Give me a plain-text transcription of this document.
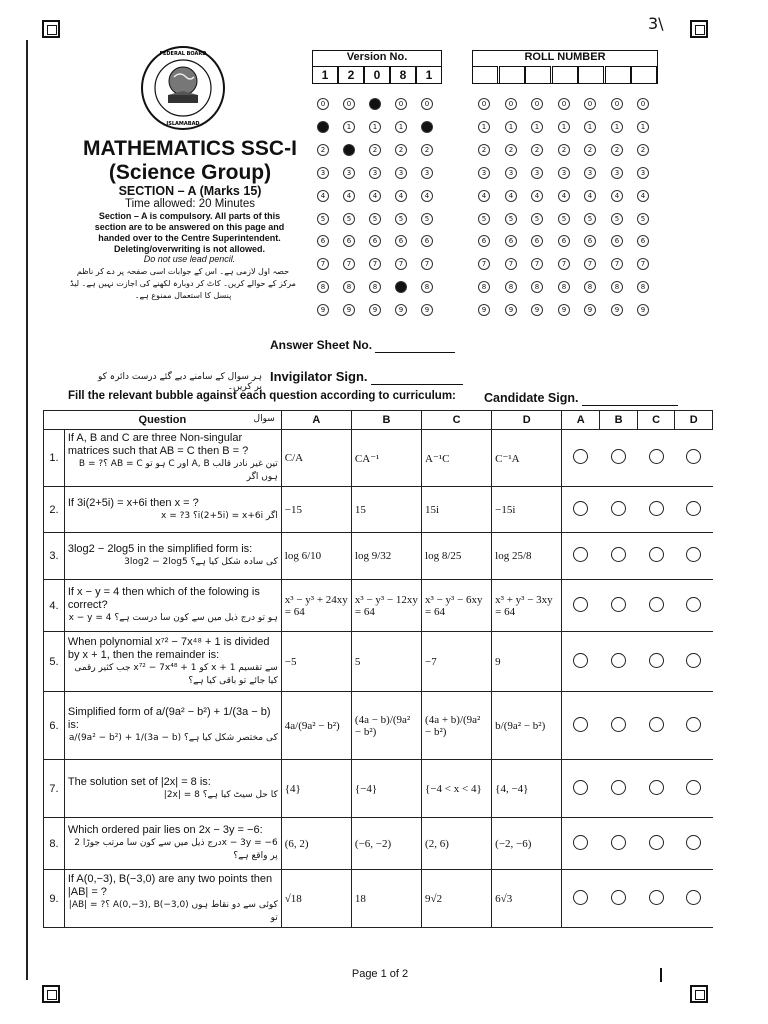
3\
FEDERAL BOARD
ISLAMABAD
MATHEMATICS SSC-I
(Science Group)
SECTION – A (Marks 15)
Time allowed: 20 Minutes
Section – A is compulsory. All parts of this section are to be answered on this page and handed over to the Centre Superintendent. Deleting/overwriting is not allowed.
Do not use lead pencil.
حصہ اول لازمی ہے۔ اس کے جوابات اسی صفحہ پر دے کر ناظم مرکز کے حوالے کریں۔ کاٹ کر دوبارہ لکھنے کی اجازت نہیں ہے۔ لیڈ پنسل کا استعمال ممنوع ہے۔
Version No.
1	2	0	8	1
ROLL NUMBER
0	0	0	0	0	0	0	0	0	0	0
1	1	1	1	1	1	1	1	1	1
2	2	2	2	2	2	2	2	2	2	2
3	3	3	3	3	3	3	3	3	3	3	3
4	4	4	4	4	4	4	4	4	4	4	4
5	5	5	5	5	5	5	5	5	5	5	5
6	6	6	6	6	6	6	6	6	6	6	6
7	7	7	7	7	7	7	7	7	7	7	7
8	8	8	8	8	8	8	8	8	8	8
9	9	9	9	9	9	9	9	9	9	9	9
Answer Sheet No.
ہر سوال کے سامنے دیے گئے درست دائرہ کو پر کریں۔
Invigilator Sign.
Fill the relevant bubble against each question according to curriculum: Candidate Sign.
Question سوال		A	B	C	D	A	B	C	D
1.	If A, B and C are three Non-singular matrices such that AB = C then B = ?
B = ?؟ AB = C ہو تو C اور A, B تین غیر نادر قالب ہوں اگر	C/A	CA⁻¹	A⁻¹C	C⁻¹A				
2.	If 3i(2+5i) = x+6i then x = ?
x = ?؟ 3i(2+5i) = x+6i اگر	−15	15	15i	−15i				
3.	3log2 − 2log5 in the simplified form is:
3log2 − 2log5 کی سادہ شکل کیا ہے؟	log 6/10	log 9/32	log 8/25	log 25/8				
4.	If x − y = 4 then which of the folowing is correct?
x − y = 4 ہو تو درج ذیل میں سے کون سا درست ہے؟	x³ − y³ + 24xy = 64	x³ − y³ − 12xy = 64	x³ − y³ − 6xy = 64	x³ + y³ − 3xy = 64				
5.	When polynomial x⁷² − 7x⁴⁸ + 1 is divided by x + 1, then the remainder is:
جب کثیر رقمی x⁷² − 7x⁴⁸ + 1 کو x + 1 سے تقسیم کیا جائے تو باقی کیا ہے؟	−5	5	−7	9				
6.	Simplified form of a/(9a² − b²) + 1/(3a − b) is:
a/(9a² − b²) + 1/(3a − b) کی مختصر شکل کیا ہے؟	4a/(9a² − b²)	(4a − b)/(9a² − b²)	(4a + b)/(9a² − b²)	b/(9a² − b²)				
7.	The solution set of |2x| = 8 is:
|2x| = 8 کا حل سیٹ کیا ہے؟	{4}	{−4}	{−4 < x < 4}	{4, −4}				
8.	Which ordered pair lies on 2x − 3y = −6:
درج ذیل میں سے کون سا مرتب جوڑا 2x − 3y = −6 پر واقع ہے؟	(6, 2)	(−6, −2)	(2, 6)	(−2, −6)				
9.	If A(0,−3), B(−3,0) are any two points then |AB| = ?
|AB| = ?؟ A(0,−3), B(−3,0) کوئی سے دو نقاط ہوں تو	√18	18	9√2	6√3				
Page 1 of 2
